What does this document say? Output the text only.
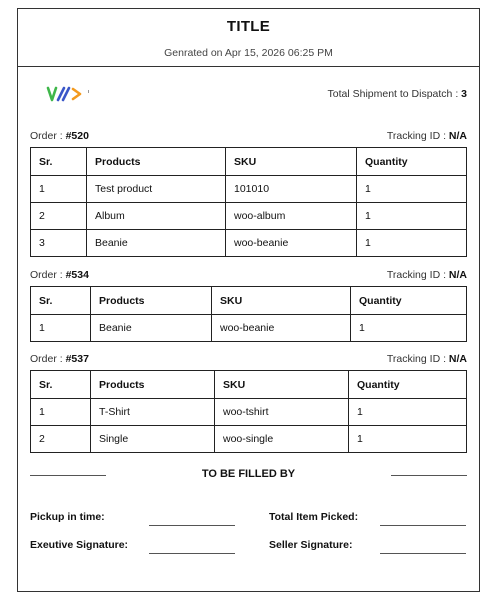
TITLE
Genrated on Apr 15, 2026 06:25 PM
Total Shipment to Dispatch : 3
Order : #520	Tracking ID : N/A
Sr.	Products	SKU	Quantity
1	Test product	101010	1
2	Album	woo-album	1
3	Beanie	woo-beanie	1
Order : #534	Tracking ID : N/A
Sr.	Products	SKU	Quantity
1	Beanie	woo-beanie	1
Order : #537	Tracking ID : N/A
Sr.	Products	SKU	Quantity
1	T-Shirt	woo-tshirt	1
2	Single	woo-single	1
TO BE FILLED BY
Pickup in time:	Total Item Picked:
Exeutive Signature:	Seller Signature:
